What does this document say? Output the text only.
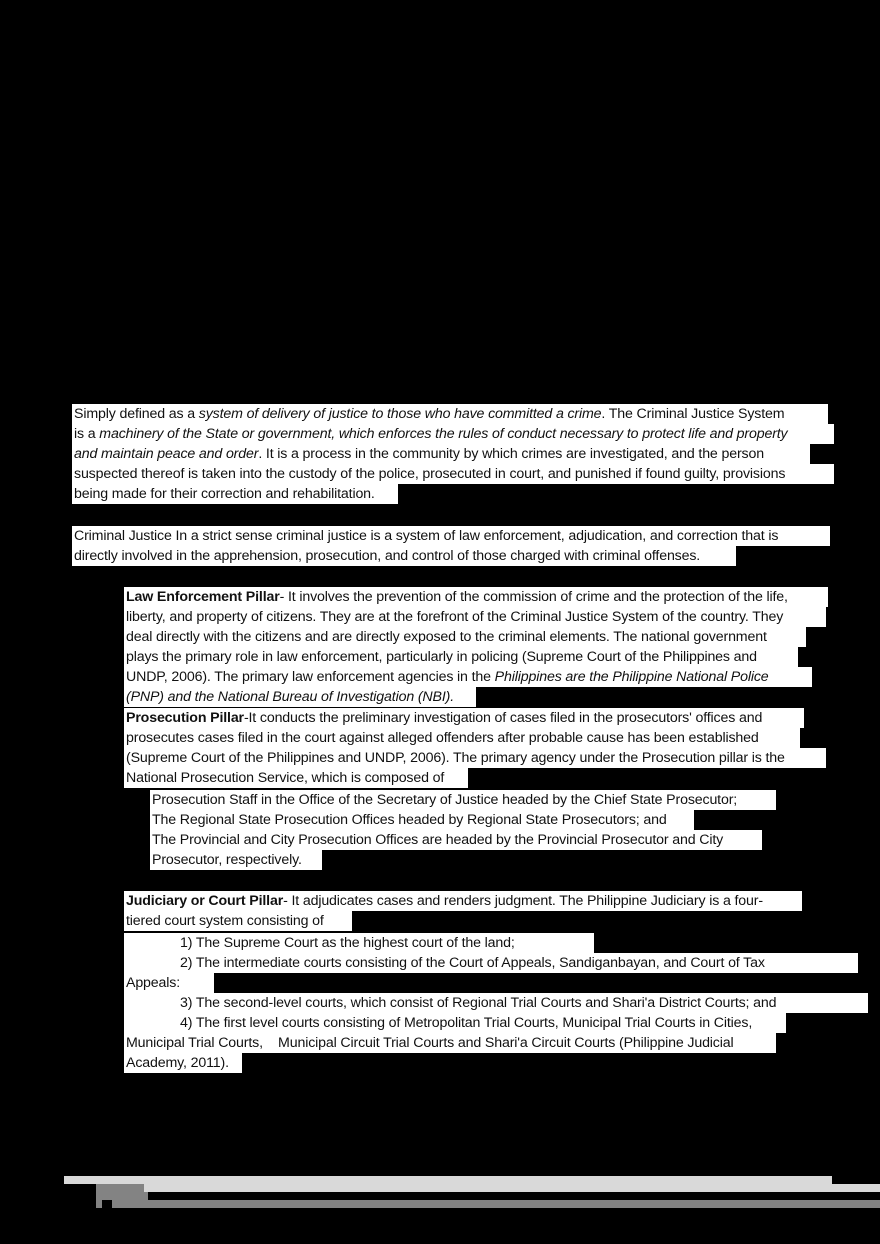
Simply defined as a system of delivery of justice to those who have committed a crime. The Criminal Justice System
is a machinery of the State or government, which enforces the rules of conduct necessary to protect life and property
and maintain peace and order. It is a process in the community by which crimes are investigated, and the person
suspected thereof is taken into the custody of the police, prosecuted in court, and punished if found guilty, provisions
being made for their correction and rehabilitation.
Criminal Justice In a strict sense criminal justice is a system of law enforcement, adjudication, and correction that is
directly involved in the apprehension, prosecution, and control of those charged with criminal offenses.
Law Enforcement Pillar- It involves the prevention of the commission of crime and the protection of the life,
liberty, and property of citizens. They are at the forefront of the Criminal Justice System of the country. They
deal directly with the citizens and are directly exposed to the criminal elements. The national government
plays the primary role in law enforcement, particularly in policing (Supreme Court of the Philippines and
UNDP, 2006). The primary law enforcement agencies in the Philippines are the Philippine National Police
(PNP) and the National Bureau of Investigation (NBI).
Prosecution Pillar-It conducts the preliminary investigation of cases filed in the prosecutors' offices and
prosecutes cases filed in the court against alleged offenders after probable cause has been established
(Supreme Court of the Philippines and UNDP, 2006). The primary agency under the Prosecution pillar is the
National Prosecution Service, which is composed of
Prosecution Staff in the Office of the Secretary of Justice headed by the Chief State Prosecutor;
The Regional State Prosecution Offices headed by Regional State Prosecutors; and
The Provincial and City Prosecution Offices are headed by the Provincial Prosecutor and City
Prosecutor, respectively.
Judiciary or Court Pillar- It adjudicates cases and renders judgment. The Philippine Judiciary is a four-
tiered court system consisting of
1) The Supreme Court as the highest court of the land;
2) The intermediate courts consisting of the Court of Appeals, Sandiganbayan, and Court of Tax
Appeals:
3) The second-level courts, which consist of Regional Trial Courts and Shari'a District Courts; and
4) The first level courts consisting of Metropolitan Trial Courts, Municipal Trial Courts in Cities,
Municipal Trial Courts,    Municipal Circuit Trial Courts and Shari'a Circuit Courts (Philippine Judicial
Academy, 2011).
